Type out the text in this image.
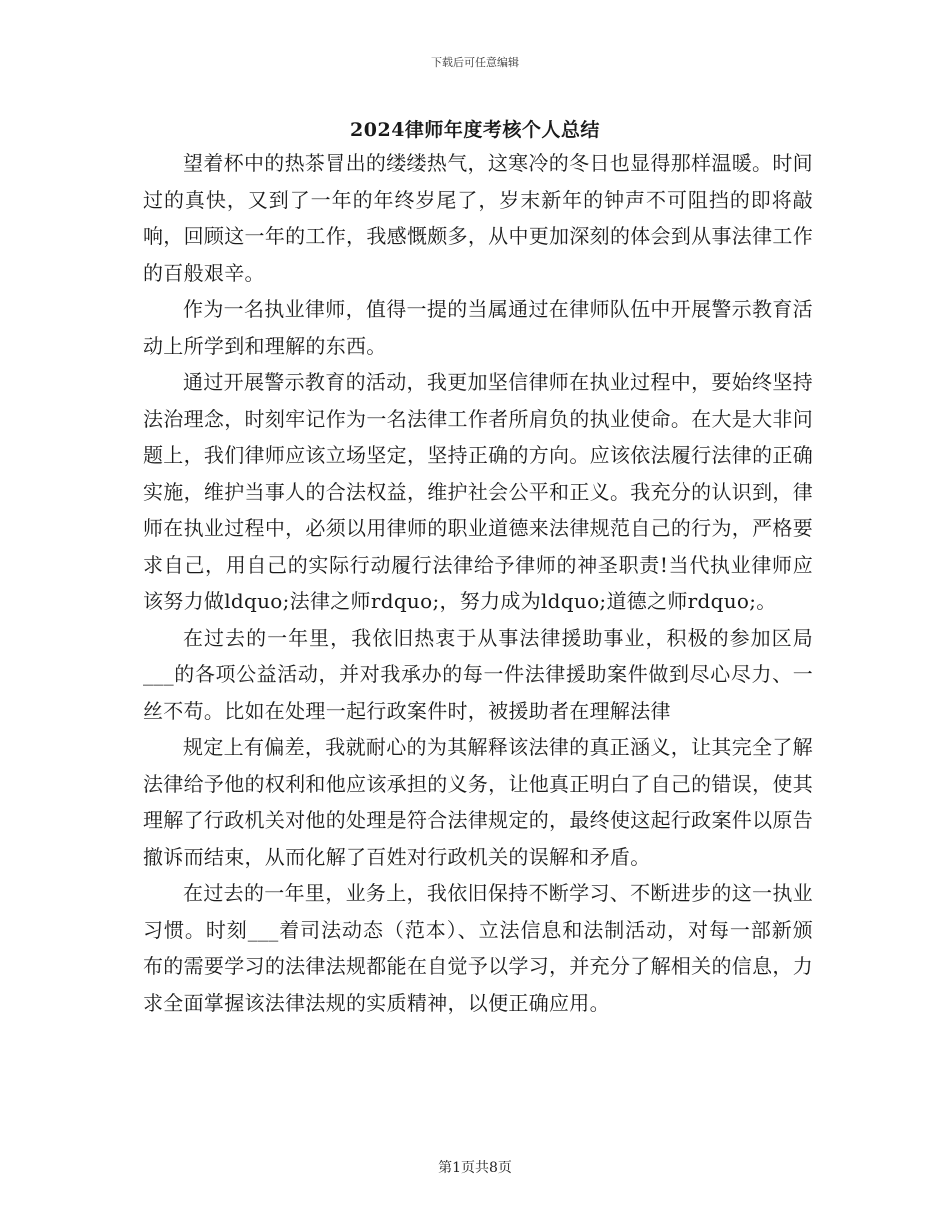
下载后可任意编辑
2024律师年度考核个人总结

望着杯中的热茶冒出的缕缕热气，这寒冷的冬日也显得那样温暖。时间过的真快，又到了一年的年终岁尾了，岁末新年的钟声不可阻挡的即将敲响，回顾这一年的工作，我感慨颇多，从中更加深刻的体会到从事法律工作的百般艰辛。

作为一名执业律师，值得一提的当属通过在律师队伍中开展警示教育活动上所学到和理解的东西。

通过开展警示教育的活动，我更加坚信律师在执业过程中，要始终坚持法治理念，时刻牢记作为一名法律工作者所肩负的执业使命。在大是大非问题上，我们律师应该立场坚定，坚持正确的方向。应该依法履行法律的正确实施，维护当事人的合法权益，维护社会公平和正义。我充分的认识到，律师在执业过程中，必须以用律师的职业道德来法律规范自己的行为，严格要求自己，用自己的实际行动履行法律给予律师的神圣职责!当代执业律师应该努力做ldquo;法律之师rdquo;，努力成为ldquo;道德之师rdquo;。

在过去的一年里，我依旧热衷于从事法律援助事业，积极的参加区局___的各项公益活动，并对我承办的每一件法律援助案件做到尽心尽力、一丝不苟。比如在处理一起行政案件时，被援助者在理解法律

规定上有偏差，我就耐心的为其解释该法律的真正涵义，让其完全了解法律给予他的权利和他应该承担的义务，让他真正明白了自己的错误，使其理解了行政机关对他的处理是符合法律规定的，最终使这起行政案件以原告撤诉而结束，从而化解了百姓对行政机关的误解和矛盾。

在过去的一年里，业务上，我依旧保持不断学习、不断进步的这一执业习惯。时刻___着司法动态（范本）、立法信息和法制活动，对每一部新颁布的需要学习的法律法规都能在自觉予以学习，并充分了解相关的信息，力求全面掌握该法律法规的实质精神，以便正确应用。

第1页共8页
